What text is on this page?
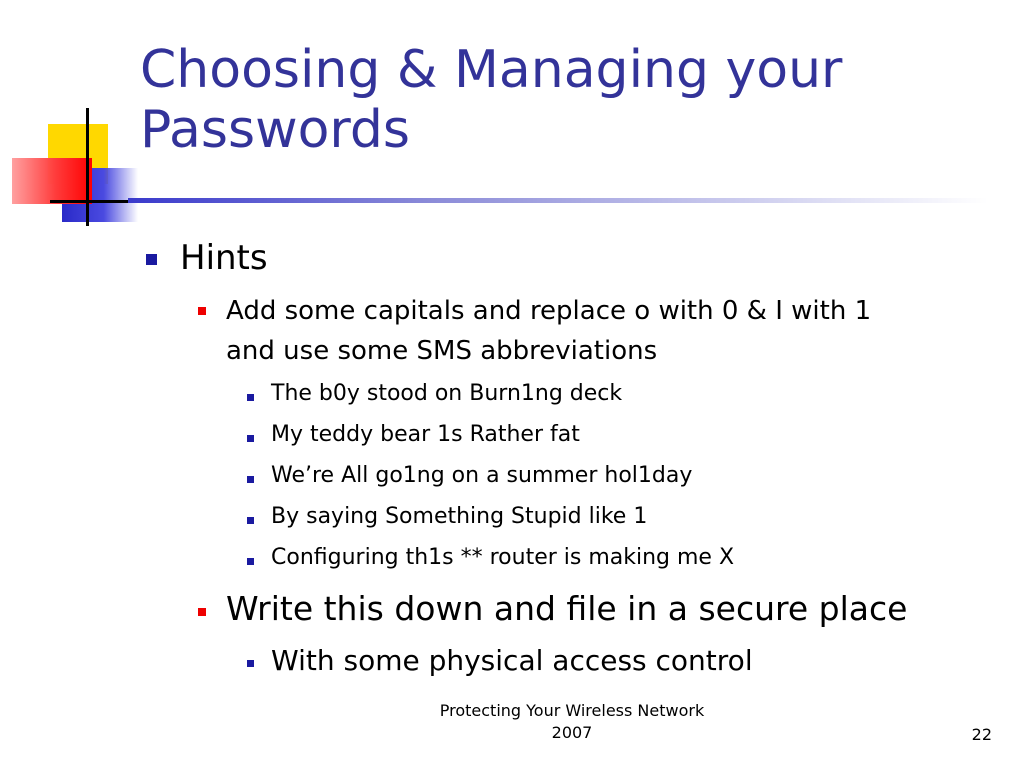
Choosing & Managing your
Passwords

Hints

Add some capitals and replace o with 0 & I with 1

and use some SMS abbreviations

The b0y stood on Burn1ng deck

My teddy bear 1s Rather fat

We’re All go1ng on a summer hol1day

By saying Something Stupid like 1

Configuring th1s ** router is making me X

Write this down and file in a secure place

With some physical access control

Protecting Your Wireless Network
2007	22
